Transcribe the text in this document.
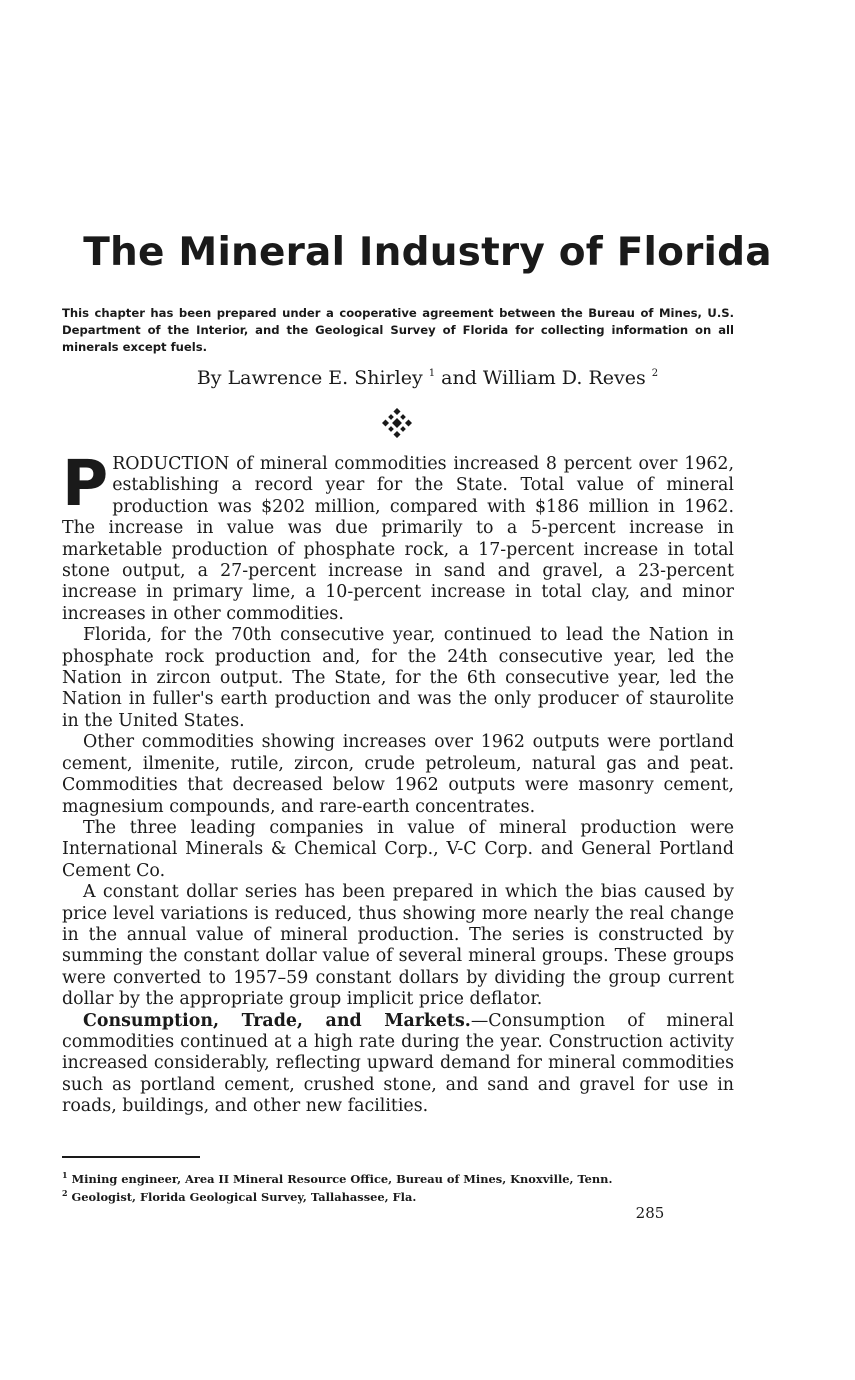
The Mineral Industry of Florida

This chapter has been prepared under a cooperative agreement between the Bureau of Mines, U.S. Department of the Interior, and the Geological Survey of Florida for collecting information on all minerals except fuels.

By Lawrence E. Shirley $^1$ and William D. Reves $^2$

PRODUCTION of mineral commodities increased 8 percent over 1962, establishing a record year for the State. Total value of mineral production was $202 million, compared with $186 million in 1962. The increase in value was due primarily to a 5-percent increase in marketable production of phosphate rock, a 17-percent increase in total stone output, a 27-percent increase in sand and gravel, a 23-percent increase in primary lime, a 10-percent increase in total clay, and minor increases in other commodities.

Florida, for the 70th consecutive year, continued to lead the Nation in phosphate rock production and, for the 24th consecutive year, led the Nation in zircon output. The State, for the 6th consecutive year, led the Nation in fuller's earth production and was the only producer of staurolite in the United States.

Other commodities showing increases over 1962 outputs were portland cement, ilmenite, rutile, zircon, crude petroleum, natural gas and peat. Commodities that decreased below 1962 outputs were masonry cement, magnesium compounds, and rare-earth concentrates.

The three leading companies in value of mineral production were International Minerals & Chemical Corp., V-C Corp. and General Portland Cement Co.

A constant dollar series has been prepared in which the bias caused by price level variations is reduced, thus showing more nearly the real change in the annual value of mineral production. The series is constructed by summing the constant dollar value of several mineral groups. These groups were converted to 1957–59 constant dollars by dividing the group current dollar by the appropriate group implicit price deflator.

Consumption, Trade, and Markets.—Consumption of mineral commodities continued at a high rate during the year. Construction activity increased considerably, reflecting upward demand for mineral commodities such as portland cement, crushed stone, and sand and gravel for use in roads, buildings, and other new facilities.

$^1$ Mining engineer, Area II Mineral Resource Office, Bureau of Mines, Knoxville, Tenn.
$^2$ Geologist, Florida Geological Survey, Tallahassee, Fla.
285
